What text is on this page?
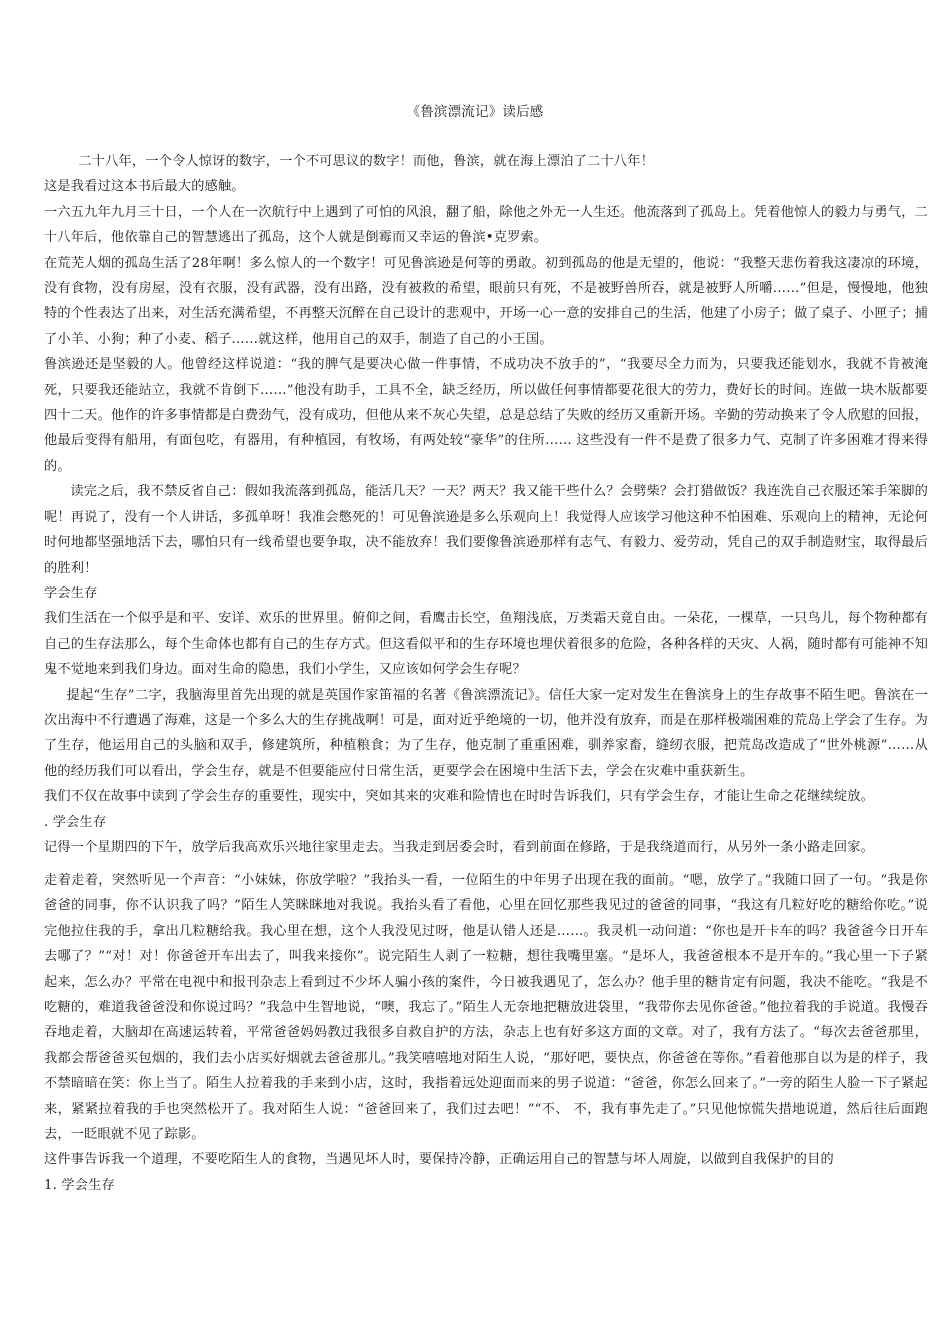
《鲁滨漂流记》读后感

二十八年，一个令人惊讶的数字，一个不可思议的数字！而他，鲁滨，就在海上漂泊了二十八年！

这是我看过这本书后最大的感触。

一六五九年九月三十日，一个人在一次航行中上遇到了可怕的风浪，翻了船，除他之外无一人生还。他流落到了孤岛上。凭着他惊人的毅力与勇气，二十八年后，他依靠自己的智慧逃出了孤岛，这个人就是倒霉而又幸运的鲁滨•克罗索。

在荒芜人烟的孤岛生活了28年啊！多么惊人的一个数字！可见鲁滨逊是何等的勇敢。初到孤岛的他是无望的，他说：“我整天悲伤着我这凄凉的环境，没有食物，没有房屋，没有衣服，没有武器，没有出路，没有被救的希望，眼前只有死，不是被野兽所吞，就是被野人所嚼……”但是，慢慢地，他独特的个性表达了出来，对生活充满希望，不再整天沉醉在自己设计的悲观中，开场一心一意的安排自己的生活，他建了小房子；做了桌子、小匣子；捕了小羊、小狗；种了小麦、稻子……就这样，他用自己的双手，制造了自己的小王国。

鲁滨逊还是坚毅的人。他曾经这样说道：“我的脾气是要决心做一件事情，不成功决不放手的”，“我要尽全力而为，只要我还能划水，我就不肯被淹死，只要我还能站立，我就不肯倒下……”他没有助手，工具不全，缺乏经历，所以做任何事情都要花很大的劳力，费好长的时间。连做一块木版都要四十二天。他作的许多事情都是白费劲气，没有成功，但他从来不灰心失望，总是总结了失败的经历又重新开场。辛勤的劳动换来了令人欣慰的回报，他最后变得有船用，有面包吃，有器用，有种植园，有牧场，有两处较“豪华”的住所…… 这些没有一件不是费了很多力气、克制了许多困难才得来得的。

读完之后，我不禁反省自己：假如我流落到孤岛，能活几天？一天？两天？我又能干些什么？会劈柴？会打猎做饭？我连洗自己衣服还笨手笨脚的呢！再说了，没有一个人讲话，多孤单呀！我准会憋死的！可见鲁滨逊是多么乐观向上！我觉得人应该学习他这种不怕困难、乐观向上的精神，无论何时何地都坚强地活下去，哪怕只有一线希望也要争取，决不能放弃！我们要像鲁滨逊那样有志气、有毅力、爱劳动，凭自己的双手制造财宝，取得最后的胜利！

学会生存

我们生活在一个似乎是和平、安详、欢乐的世界里。俯仰之间，看鹰击长空，鱼翔浅底，万类霜天竟自由。一朵花，一棵草，一只鸟儿，每个物种都有自己的生存法那么，每个生命体也都有自己的生存方式。但这看似平和的生存环境也埋伏着很多的危险，各种各样的天灾、人祸，随时都有可能神不知鬼不觉地来到我们身边。面对生命的隐患，我们小学生，又应该如何学会生存呢？

提起“生存”二字，我脑海里首先出现的就是英国作家笛福的名著《鲁滨漂流记》。信任大家一定对发生在鲁滨身上的生存故事不陌生吧。鲁滨在一次出海中不行遭遇了海难，这是一个多么大的生存挑战啊！可是，面对近乎绝境的一切，他并没有放弃，而是在那样极端困难的荒岛上学会了生存。为了生存，他运用自己的头脑和双手，修建筑所，种植粮食；为了生存，他克制了重重困难，驯养家畜，缝纫衣服，把荒岛改造成了“世外桃源”……从他的经历我们可以看出，学会生存，就是不但要能应付日常生活，更要学会在困境中生活下去，学会在灾难中重获新生。

我们不仅在故事中读到了学会生存的重要性，现实中，突如其来的灾难和险情也在时时告诉我们，只有学会生存，才能让生命之花继续绽放。

. 学会生存

记得一个星期四的下午，放学后我高欢乐兴地往家里走去。当我走到居委会时，看到前面在修路，于是我绕道而行，从另外一条小路走回家。

走着走着，突然听见一个声音：“小妹妹，你放学啦？”我抬头一看，一位陌生的中年男子出现在我的面前。“嗯，放学了。”我随口回了一句。“我是你爸爸的同事，你不认识我了吗？”陌生人笑眯眯地对我说。我抬头看了看他，心里在回忆那些我见过的爸爸的同事，“我这有几粒好吃的糖给你吃。”说完他拉住我的手，拿出几粒糖给我。我心里在想，这个人我没见过呀，他是认错人还是……。我灵机一动问道：“你也是开卡车的吗？我爸爸今日开车去哪了？”“对！对！你爸爸开车出去了，叫我来接你”。说完陌生人剥了一粒糖，想往我嘴里塞。“是坏人，我爸爸根本不是开车的。”我心里一下子紧起来，怎么办？平常在电视中和报刊杂志上看到过不少坏人骗小孩的案件，今日被我遇见了，怎么办？他手里的糖肯定有问题，我决不能吃。“我是不吃糖的，难道我爸爸没和你说过吗？”我急中生智地说，“噢，我忘了。”陌生人无奈地把糖放进袋里，“我带你去见你爸爸。”他拉着我的手说道。我慢吞吞地走着，大脑却在高速运转着，平常爸爸妈妈教过我很多自救自护的方法，杂志上也有好多这方面的文章。对了，我有方法了。“每次去爸爸那里，我都会帮爸爸买包烟的，我们去小店买好烟就去爸爸那儿。”我笑嘻嘻地对陌生人说，“那好吧，要快点，你爸爸在等你。”看着他那自以为是的样子，我不禁暗暗在笑：你上当了。陌生人拉着我的手来到小店，这时，我指着远处迎面而来的男子说道：“爸爸，你怎么回来了。”一旁的陌生人脸一下子紧起来，紧紧拉着我的手也突然松开了。我对陌生人说：“爸爸回来了，我们过去吧！”“不、 不，我有事先走了。”只见他惊慌失措地说道，然后往后面跑去，一眨眼就不见了踪影。

这件事告诉我一个道理，不要吃陌生人的食物，当遇见坏人时，要保持冷静，正确运用自己的智慧与坏人周旋，以做到自我保护的目的

1. 学会生存
